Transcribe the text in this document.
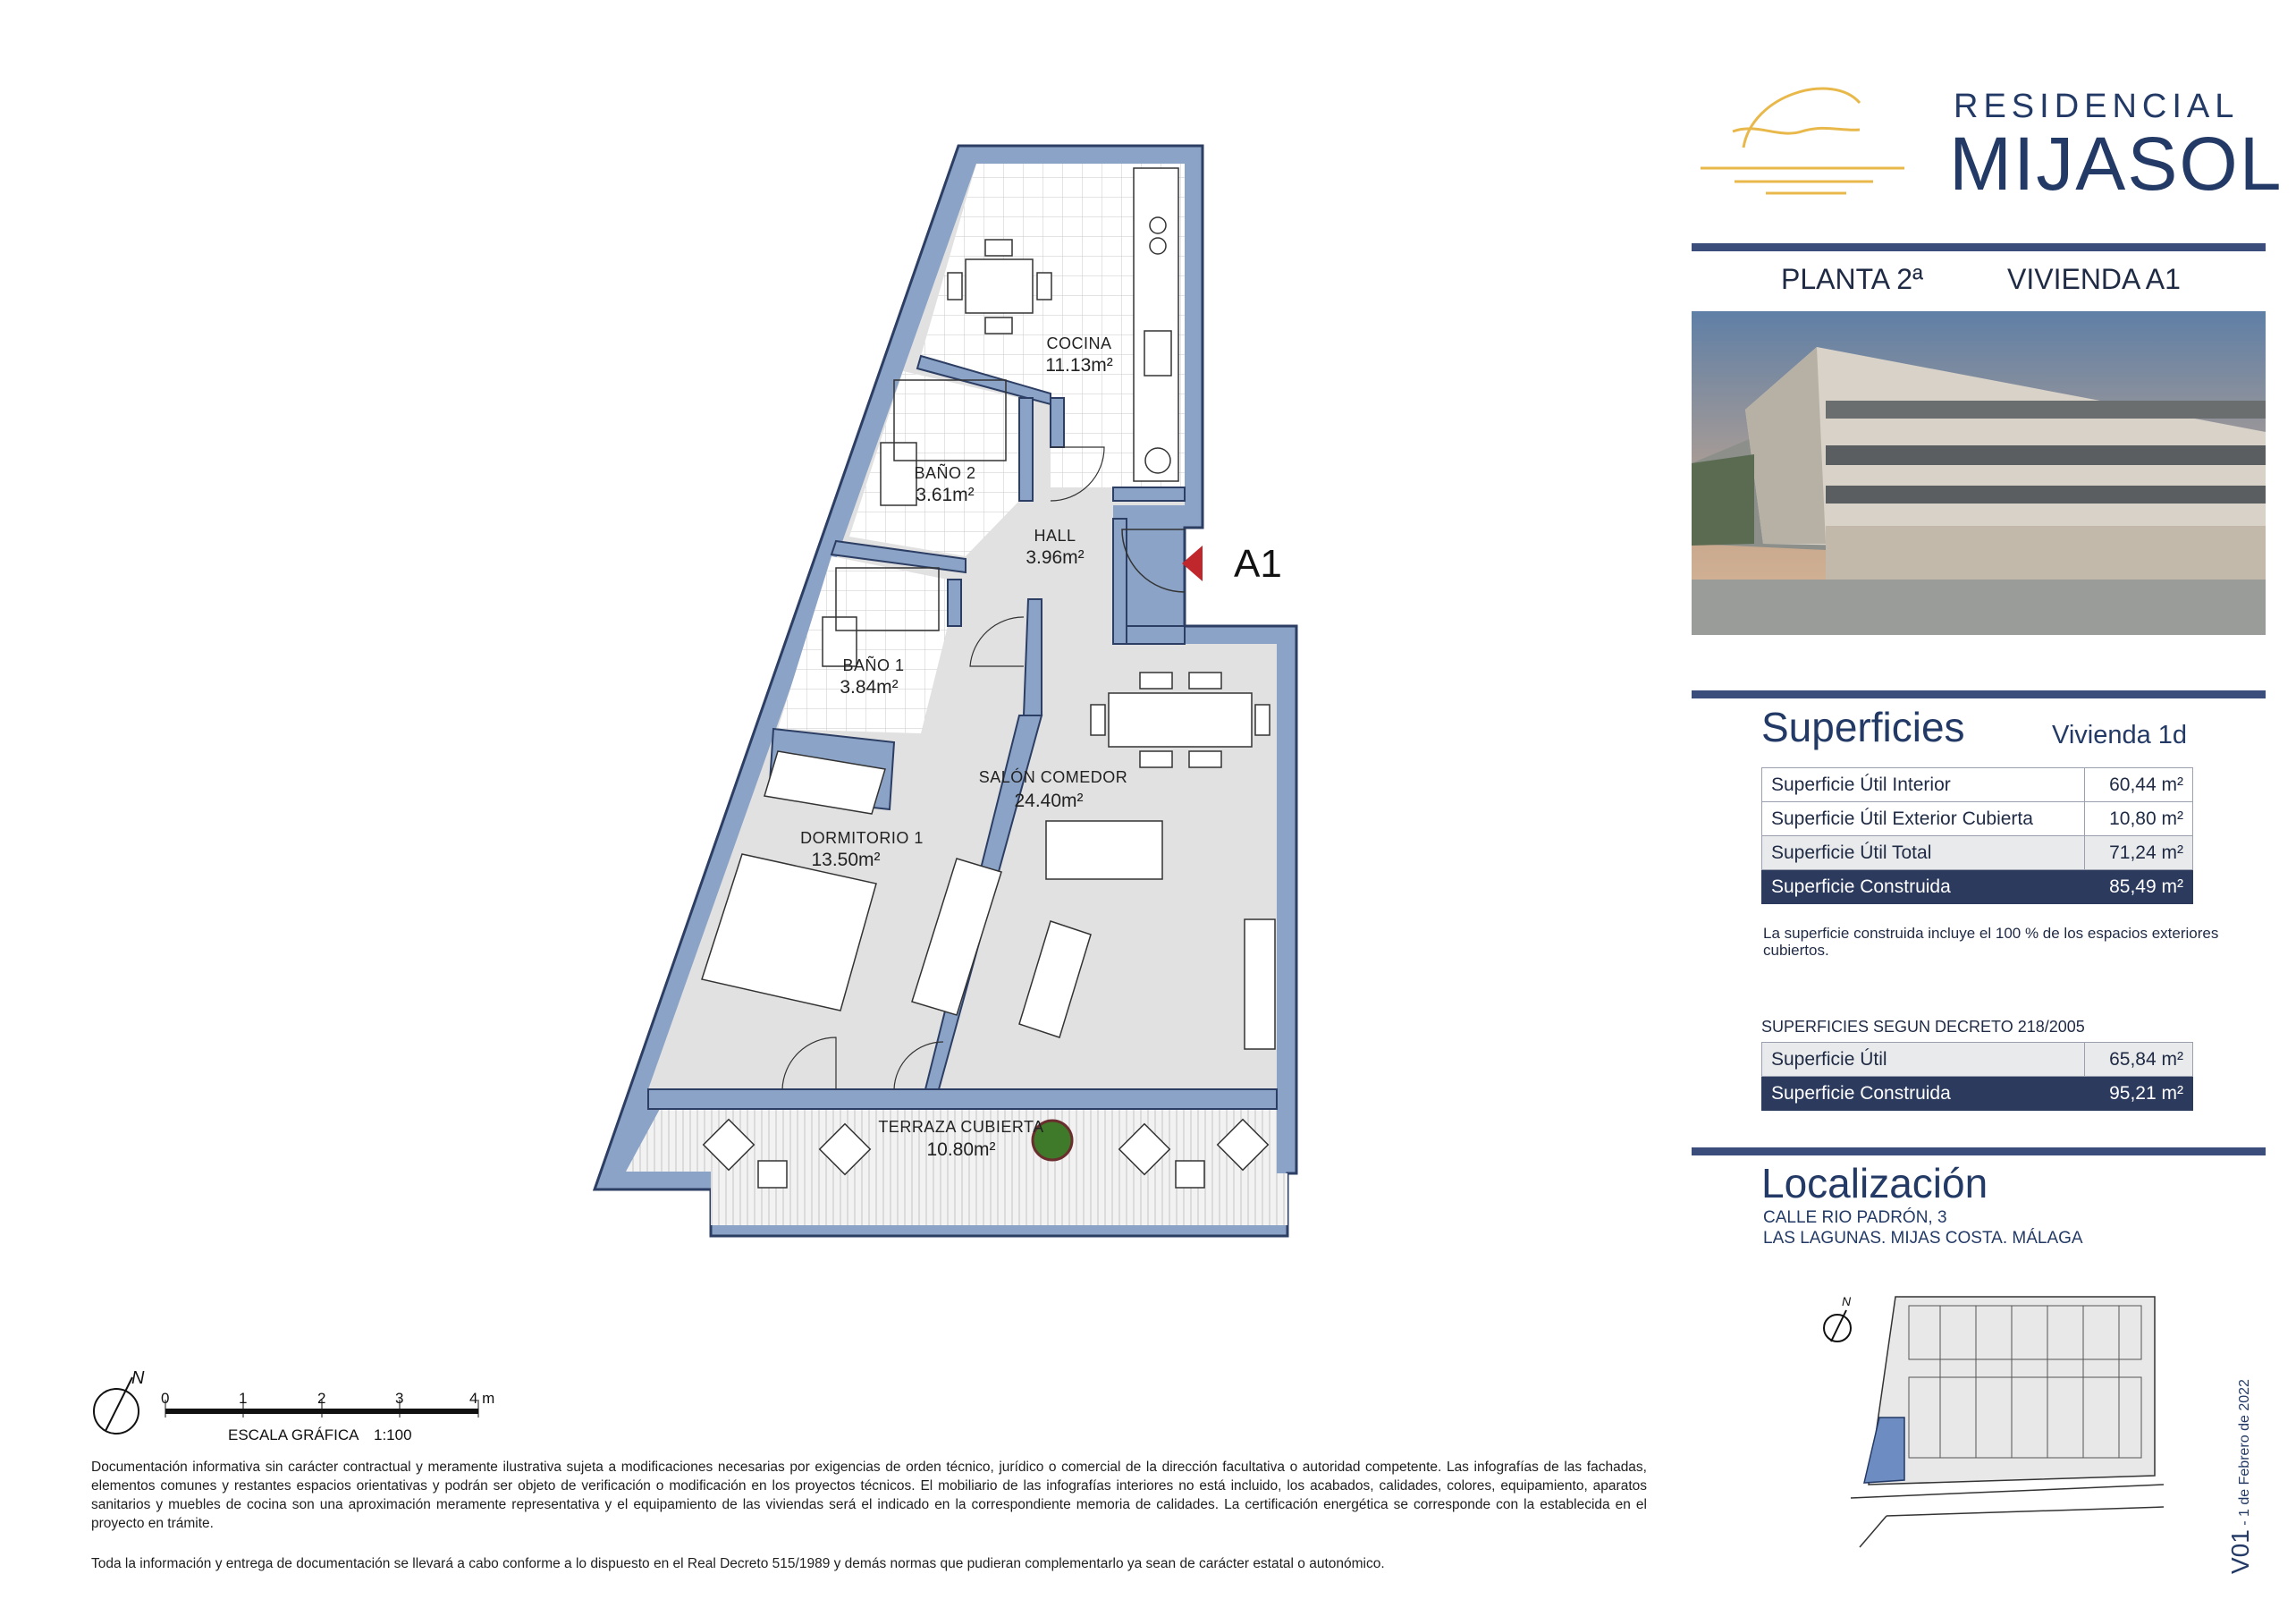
A1
COCINA
11.13m²
BAÑO 2
3.61m²
HALL
3.96m²
BAÑO 1
3.84m²
SALÓN COMEDOR
24.40m²
DORMITORIO 1
13.50m²
TERRAZA CUBIERTA
10.80m²
N
0	1	2	3	4 m
ESCALA GRÁFICA 1:100
RESIDENCIAL
MIJASOL
PLANTA 2ª	VIVIENDA A1
Superficies	Vivienda 1d
Superficie Útil Interior	60,44 m²
Superficie Útil Exterior Cubierta	10,80 m²
Superficie Útil Total	71,24 m²
Superficie Construida	85,49 m²
La superficie construida incluye el 100 % de los espacios exteriores cubiertos.
SUPERFICIES SEGUN DECRETO 218/2005
Superficie Útil	65,84 m²
Superficie Construida	95,21 m²
Localización
CALLE RIO PADRÓN, 3
LAS LAGUNAS. MIJAS COSTA. MÁLAGA
N
V01 - 1 de Febrero de 2022
Documentación informativa sin carácter contractual y meramente ilustrativa sujeta a modificaciones necesarias por exigencias de orden técnico, jurídico o comercial de la dirección facultativa o autoridad competente. Las infografías de las fachadas, elementos comunes y restantes espacios orientativas y podrán ser objeto de verificación o modificación en los proyectos técnicos. El mobiliario de las infografías interiores no está incluido, los acabados, calidades, colores, equipamiento, aparatos sanitarios y muebles de cocina son una aproximación meramente representativa y el equipamiento de las viviendas será el indicado en la correspondiente memoria de calidades. La certificación energética se corresponde con la establecida en el proyecto en trámite.
Toda la información y entrega de documentación se llevará a cabo conforme a lo dispuesto en el Real Decreto 515/1989 y demás normas que pudieran complementarlo ya sean de carácter estatal o autonómico.
